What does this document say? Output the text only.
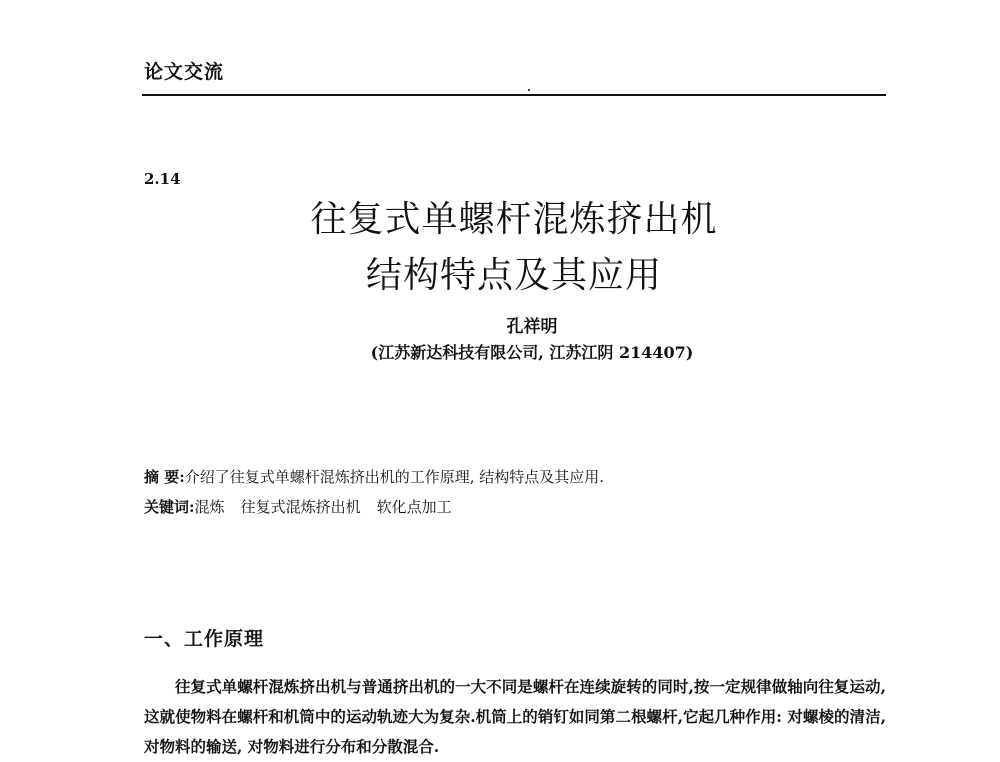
论文交流
2.14
往复式单螺杆混炼挤出机
结构特点及其应用
孔祥明
(江苏新达科技有限公司, 江苏江阴 214407)
摘 要:介绍了往复式单螺杆混炼挤出机的工作原理, 结构特点及其应用.
关键词:混炼 往复式混炼挤出机 软化点加工
一、工作原理

往复式单螺杆混炼挤出机与普通挤出机的一大不同是螺杆在连续旋转的同时,按一定规律做轴向往复运动,这就使物料在螺杆和机筒中的运动轨迹大为复杂.机筒上的销钉如同第二根螺杆,它起几种作用: 对螺棱的清洁, 对物料的输送, 对物料进行分布和分散混合.
